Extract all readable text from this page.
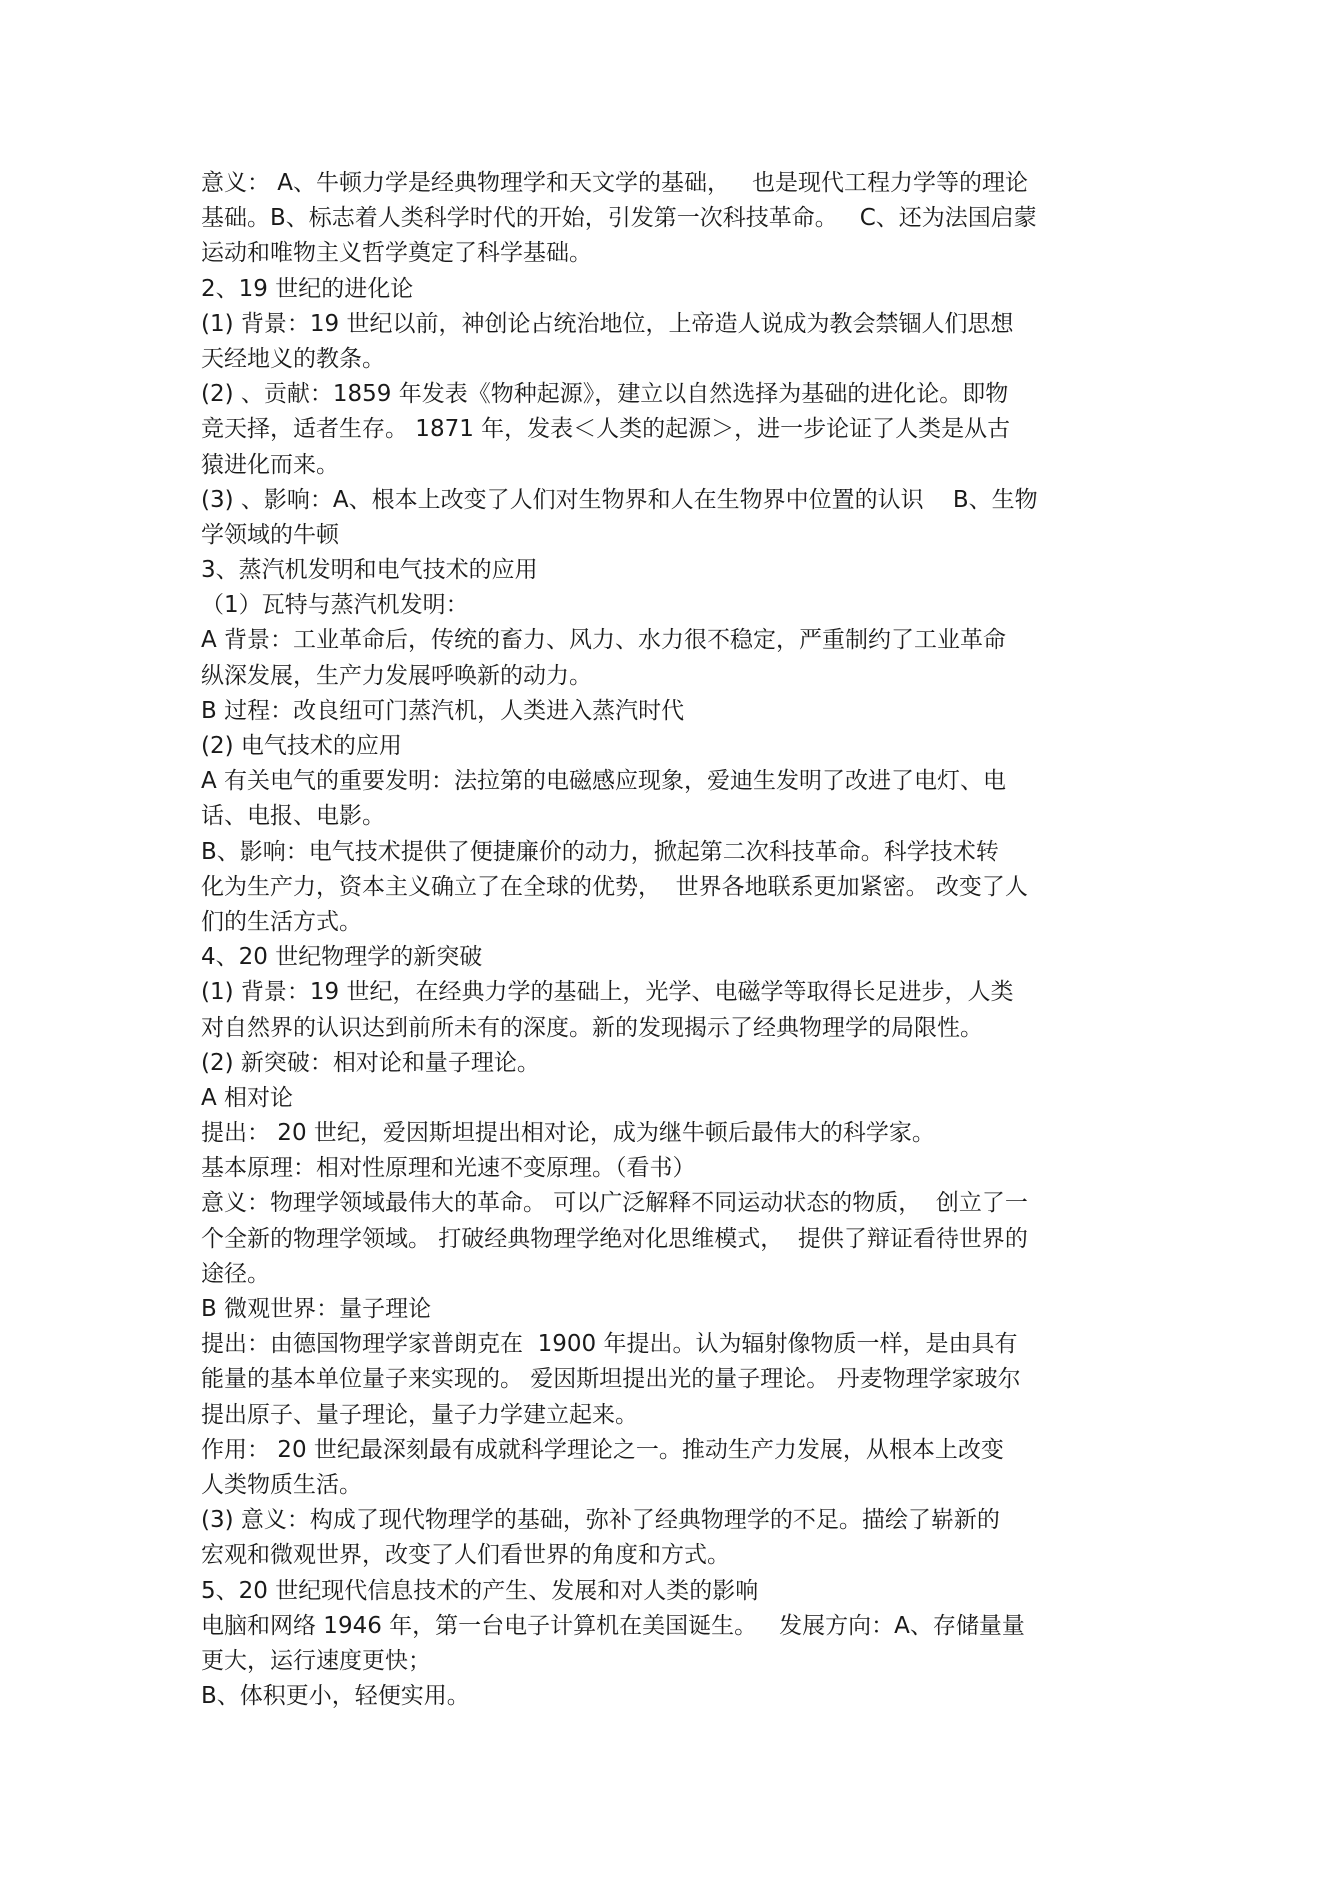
意义： A、牛顿力学是经典物理学和天文学的基础，   也是现代工程力学等的理论
基础。B、标志着人类科学时代的开始，引发第一次科技革命。   C、还为法国启蒙
运动和唯物主义哲学奠定了科学基础。
2、19 世纪的进化论
(1) 背景：19 世纪以前，神创论占统治地位，上帝造人说成为教会禁锢人们思想
天经地义的教条。
(2) 、贡献：1859 年发表《物种起源》，建立以自然选择为基础的进化论。即物
竞天择，适者生存。 1871 年，发表＜人类的起源＞，进一步论证了人类是从古
猿进化而来。
(3) 、影响：A、根本上改变了人们对生物界和人在生物界中位置的认识    B、生物
学领域的牛顿
3、蒸汽机发明和电气技术的应用
（1）瓦特与蒸汽机发明：
A 背景：工业革命后，传统的畜力、风力、水力很不稳定，严重制约了工业革命
纵深发展，生产力发展呼唤新的动力。
B 过程：改良纽可门蒸汽机，人类进入蒸汽时代
(2) 电气技术的应用
A 有关电气的重要发明：法拉第的电磁感应现象，爱迪生发明了改进了电灯、电
话、电报、电影。
B、影响：电气技术提供了便捷廉价的动力，掀起第二次科技革命。科学技术转
化为生产力，资本主义确立了在全球的优势，  世界各地联系更加紧密。 改变了人
们的生活方式。
4、20 世纪物理学的新突破
(1) 背景：19 世纪，在经典力学的基础上，光学、电磁学等取得长足进步，人类
对自然界的认识达到前所未有的深度。新的发现揭示了经典物理学的局限性。
(2) 新突破：相对论和量子理论。
A 相对论
提出： 20 世纪，爱因斯坦提出相对论，成为继牛顿后最伟大的科学家。
基本原理：相对性原理和光速不变原理。（看书）
意义：物理学领域最伟大的革命。 可以广泛解释不同运动状态的物质，  创立了一
个全新的物理学领域。 打破经典物理学绝对化思维模式，  提供了辩证看待世界的
途径。
B 微观世界：量子理论
提出：由德国物理学家普朗克在  1900 年提出。认为辐射像物质一样，是由具有
能量的基本单位量子来实现的。 爱因斯坦提出光的量子理论。 丹麦物理学家玻尔
提出原子、量子理论，量子力学建立起来。
作用： 20 世纪最深刻最有成就科学理论之一。推动生产力发展，从根本上改变
人类物质生活。
(3) 意义：构成了现代物理学的基础，弥补了经典物理学的不足。描绘了崭新的
宏观和微观世界，改变了人们看世界的角度和方式。
5、20 世纪现代信息技术的产生、发展和对人类的影响
电脑和网络 1946 年，第一台电子计算机在美国诞生。   发展方向：A、存储量量
更大，运行速度更快；
B、体积更小，轻便实用。
